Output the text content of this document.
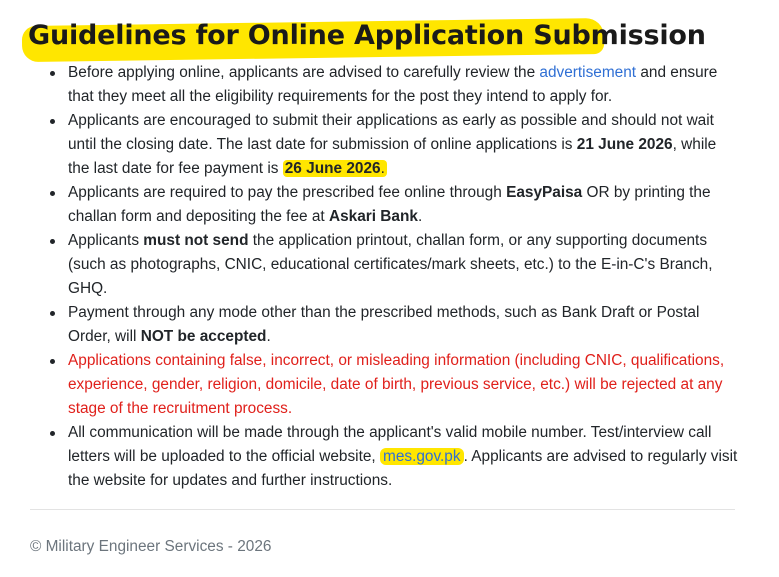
Guidelines for Online Application Submission
Before applying online, applicants are advised to carefully review the advertisement and ensure that they meet all the eligibility requirements for the post they intend to apply for.
Applicants are encouraged to submit their applications as early as possible and should not wait until the closing date. The last date for submission of online applications is 21 June 2026, while the last date for fee payment is 26 June 2026.
Applicants are required to pay the prescribed fee online through EasyPaisa OR by printing the challan form and depositing the fee at Askari Bank.
Applicants must not send the application printout, challan form, or any supporting documents (such as photographs, CNIC, educational certificates/mark sheets, etc.) to the E-in-C's Branch, GHQ.
Payment through any mode other than the prescribed methods, such as Bank Draft or Postal Order, will NOT be accepted.
Applications containing false, incorrect, or misleading information (including CNIC, qualifications, experience, gender, religion, domicile, date of birth, previous service, etc.) will be rejected at any stage of the recruitment process.
All communication will be made through the applicant's valid mobile number. Test/interview call letters will be uploaded to the official website, mes.gov.pk . Applicants are advised to regularly visit the website for updates and further instructions.
© Military Engineer Services - 2026
